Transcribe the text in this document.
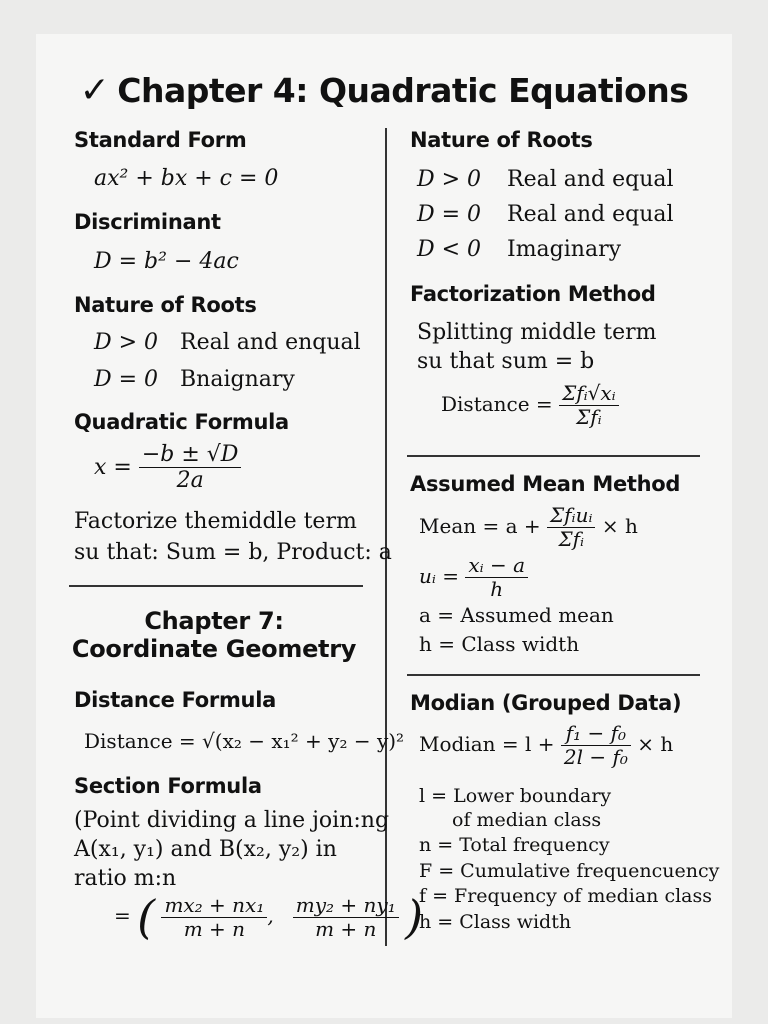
✓ Chapter 4: Quadratic Equations
Standard Form
ax² + bx + c = 0
Discriminant
D = b² − 4ac
Nature of Roots
D > 0 Real and enqual
D = 0 Bnaignary
Quadratic Formula
$x = \frac{-b \pm √D}{2a}$
Factorize themiddle term
su that: Sum = b, Product: a
Chapter 7: Coordinate Geometry
Distance Formula
Distance = √(x₂ − x₁² + y₂ − y)²
Section Formula
(Point dividing a line join:ng
A(x₁, y₁) and B(x₂, y₂) in
ratio m:n
= ( $\frac{\text{mx₂ + nx₁}}{m + n}$ , $\frac{\text{my₂ + ny₁}}{m + n}$ )
Nature of Roots
D > 0 Real and equal
D = 0 Real and equal
D < 0 Imaginary
Factorization Method
Splitting middle term
su that sum = b
Distance = $\frac{\text{Σfᵢ√xᵢ}}{\text{Σfᵢ}}$
Assumed Mean Method
Mean = $a + \frac{\text{Σfᵢuᵢ}}{\text{Σfᵢ}} \times h$
uᵢ = $\frac{\text{xᵢ − a}}{h}$
a = Assumed mean
h = Class width
Modian (Grouped Data)
Modian = $l + \frac{\text{f₁ − f₀}}{\text{2l − f₀}} \times h$
l = Lower boundary
of median class
n = Total frequency
F = Cumulative frequencuency
f = Frequency of median class
h = Class width
